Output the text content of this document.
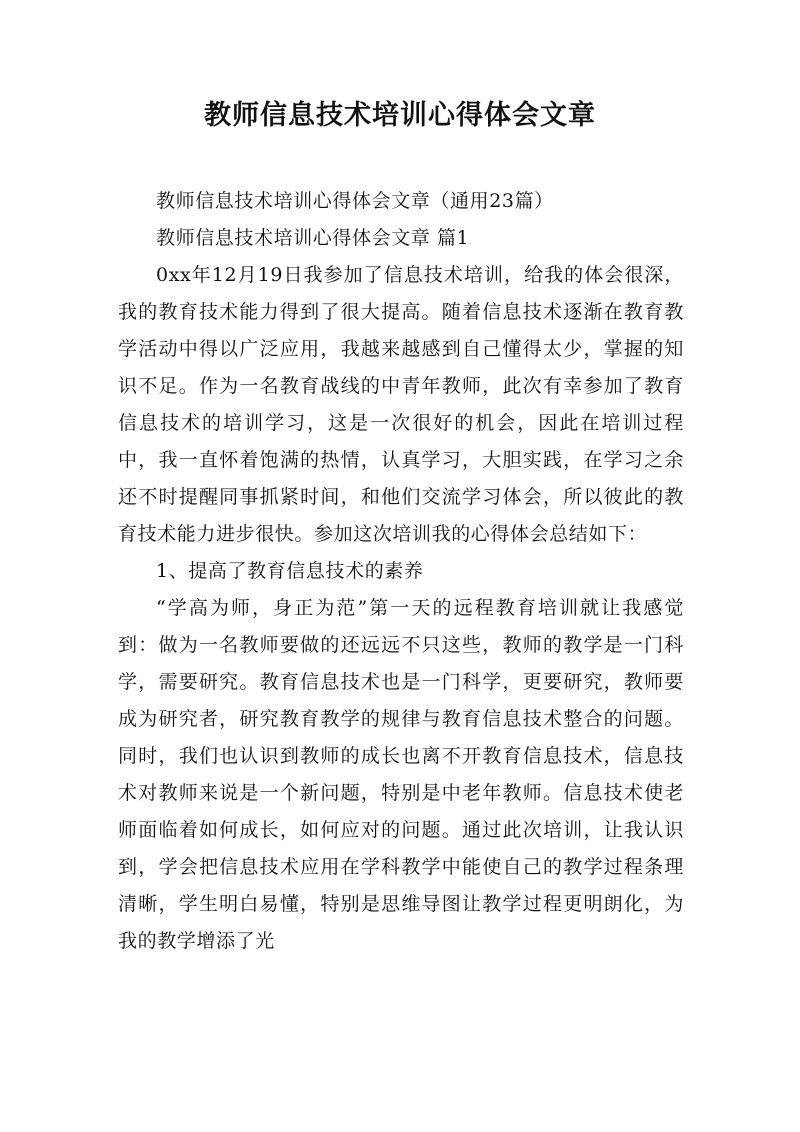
教师信息技术培训心得体会文章

教师信息技术培训心得体会文章（通用23篇）

教师信息技术培训心得体会文章 篇1

0xx年12月19日我参加了信息技术培训，给我的体会很深，我的教育技术能力得到了很大提高。随着信息技术逐渐在教育教学活动中得以广泛应用，我越来越感到自己懂得太少，掌握的知识不足。作为一名教育战线的中青年教师，此次有幸参加了教育信息技术的培训学习，这是一次很好的机会，因此在培训过程中，我一直怀着饱满的热情，认真学习，大胆实践，在学习之余还不时提醒同事抓紧时间，和他们交流学习体会，所以彼此的教育技术能力进步很快。参加这次培训我的心得体会总结如下：

1、提高了教育信息技术的素养

“学高为师，身正为范”第一天的远程教育培训就让我感觉到：做为一名教师要做的还远远不只这些，教师的教学是一门科学，需要研究。教育信息技术也是一门科学，更要研究，教师要成为研究者，研究教育教学的规律与教育信息技术整合的问题。同时，我们也认识到教师的成长也离不开教育信息技术，信息技术对教师来说是一个新问题，特别是中老年教师。信息技术使老师面临着如何成长，如何应对的问题。通过此次培训，让我认识到，学会把信息技术应用在学科教学中能使自己的教学过程条理清晰，学生明白易懂，特别是思维导图让教学过程更明朗化，为我的教学增添了光
